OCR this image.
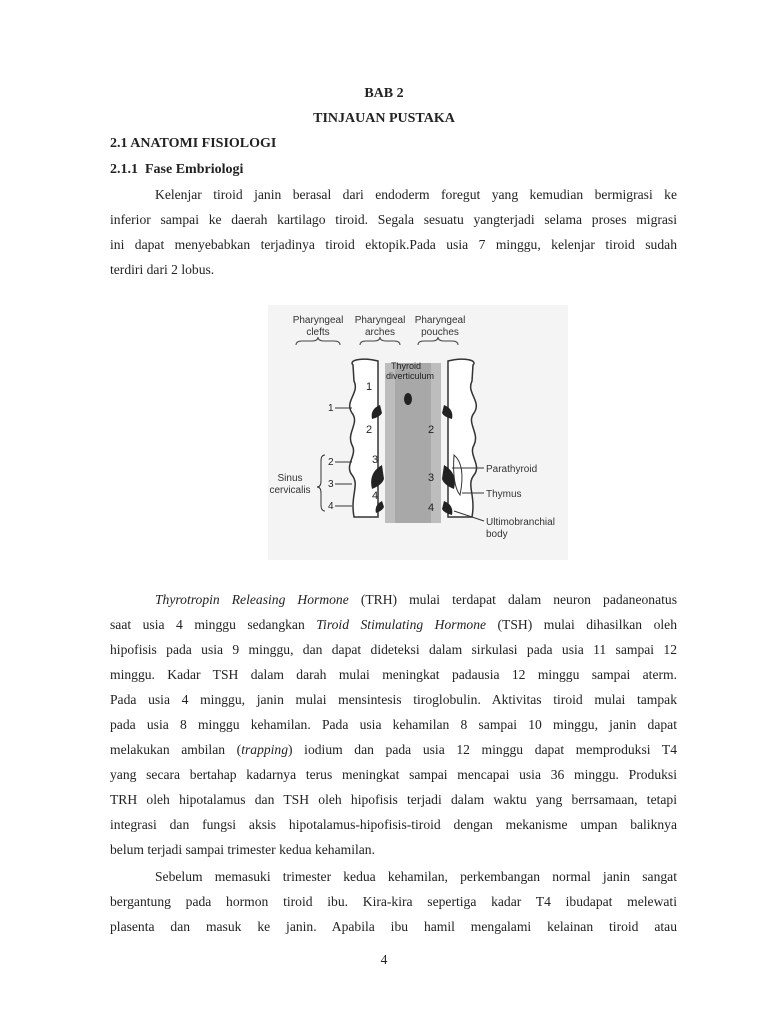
BAB 2
TINJAUAN PUSTAKA
2.1 ANATOMI FISIOLOGI
2.1.1 Fase Embriologi
Kelenjar tiroid janin berasal dari endoderm foregut yang kemudian bermigrasi ke
inferior sampai ke daerah kartilago tiroid. Segala sesuatu yangterjadi selama proses migrasi
ini dapat menyebabkan terjadinya tiroid ektopik.Pada usia 7 minggu, kelenjar tiroid sudah
terdiri dari 2 lobus.
Pharyngeal
clefts
Pharyngeal
arches
Pharyngeal
pouches
Thyroid
diverticulum
1
2
3
4
2
3
4
1
2
3
4
Sinus
cervicalis
Parathyroid
Thymus
Ultimobranchial
body
Thyrotropin Releasing Hormone (TRH) mulai terdapat dalam neuron padaneonatus
saat usia 4 minggu sedangkan Tiroid Stimulating Hormone (TSH) mulai dihasilkan oleh
hipofisis pada usia 9 minggu, dan dapat dideteksi dalam sirkulasi pada usia 11 sampai 12
minggu. Kadar TSH dalam darah mulai meningkat padausia 12 minggu sampai aterm.
Pada usia 4 minggu, janin mulai mensintesis tiroglobulin. Aktivitas tiroid mulai tampak
pada usia 8 minggu kehamilan. Pada usia kehamilan 8 sampai 10 minggu, janin dapat
melakukan ambilan (trapping) iodium dan pada usia 12 minggu dapat memproduksi T4
yang secara bertahap kadarnya terus meningkat sampai mencapai usia 36 minggu. Produksi
TRH oleh hipotalamus dan TSH oleh hipofisis terjadi dalam waktu yang berrsamaan, tetapi
integrasi dan fungsi aksis hipotalamus-hipofisis-tiroid dengan mekanisme umpan baliknya
belum terjadi sampai trimester kedua kehamilan.
Sebelum memasuki trimester kedua kehamilan, perkembangan normal janin sangat
bergantung pada hormon tiroid ibu. Kira-kira sepertiga kadar T4 ibudapat melewati
plasenta dan masuk ke janin. Apabila ibu hamil mengalami kelainan tiroid atau
4
